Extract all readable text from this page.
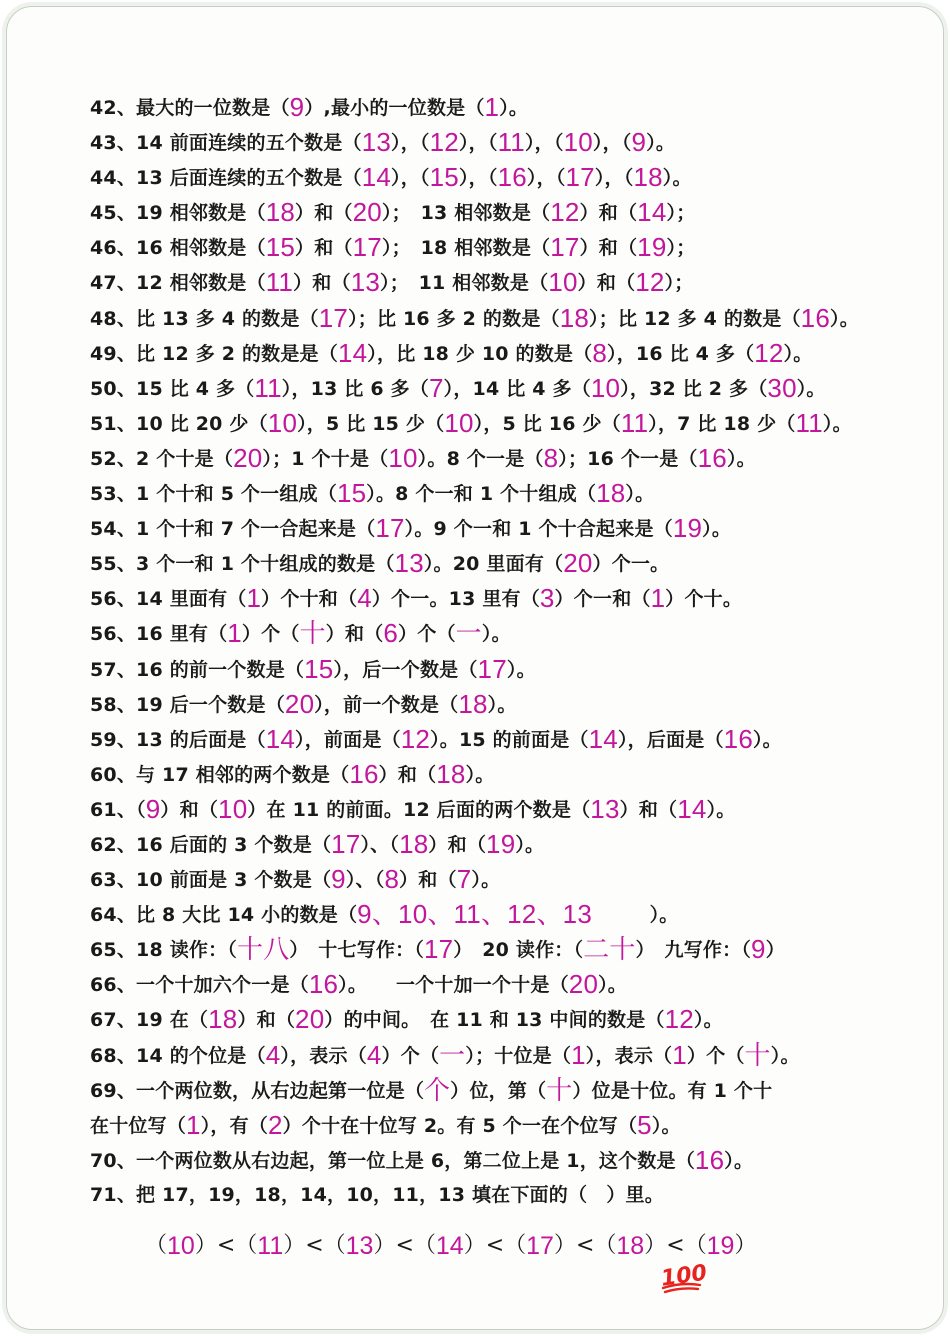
42、最大的一位数是（9）,最小的一位数是（1）。
43、14 前面连续的五个数是（13），（12），（11），（10），（9）。
44、13 后面连续的五个数是（14），（15），（16），（17），（18）。
45、19 相邻数是（18）和（20）；　13 相邻数是（12）和（14）；
46、16 相邻数是（15）和（17）；　18 相邻数是（17）和（19）；
47、12 相邻数是（11）和（13）；　11 相邻数是（10）和（12）；
48、比 13 多 4 的数是（17）；比 16 多 2 的数是（18）；比 12 多 4 的数是（16）。
49、比 12 多 2 的数是是（14），比 18 少 10 的数是（8），16 比 4 多（12）。
50、15 比 4 多（11），13 比 6 多（7），14 比 4 多（10），32 比 2 多（30）。
51、10 比 20 少（10），5 比 15 少（10），5 比 16 少（11），7 比 18 少（11）。
52、2 个十是（20）；1 个十是（10）。8 个一是（8）；16 个一是（16）。
53、1 个十和 5 个一组成（15）。8 个一和 1 个十组成（18）。
54、1 个十和 7 个一合起来是（17）。9 个一和 1 个十合起来是（19）。
55、3 个一和 1 个十组成的数是（13）。20 里面有（20）个一。
56、14 里面有（1）个十和（4）个一。13 里有（3）个一和（1）个十。
56、16 里有（1）个（十）和（6）个（一）。
57、16 的前一个数是（15），后一个数是（17）。
58、19 后一个数是（20），前一个数是（18）。
59、13 的后面是（14），前面是（12）。15 的前面是（14），后面是（16）。
60、与 17 相邻的两个数是（16）和（18）。
61、（9）和（10）在 11 的前面。12 后面的两个数是（13）和（14）。
62、16 后面的 3 个数是（17）、（18）和（19）。
63、10 前面是 3 个数是（9）、（8）和（7）。
64、比 8 大比 14 小的数是（9、10、11、12、13　　　）。
65、18 读作：（十八）　十七写作：（17）　20 读作：（二十）　九写作：（9）
66、一个十加六个一是（16）。　　一个十加一个十是（20）。
67、19 在（18）和（20）的中间。　在 11 和 13 中间的数是（12）。
68、14 的个位是（4），表示（4）个（一）；十位是（1），表示（1）个（十）。
69、一个两位数，从右边起第一位是（个）位，第（十）位是十位。有 1 个十
在十位写（1），有（2）个十在十位写 2。有 5 个一在个位写（5）。
70、一个两位数从右边起，第一位上是 6，第二位上是 1，这个数是（16）。
71、把 17，19，18，14，10，11，13 填在下面的（　）里。
（10）<（11）<（13）<（14）<（17）<（18）<（19）
100
